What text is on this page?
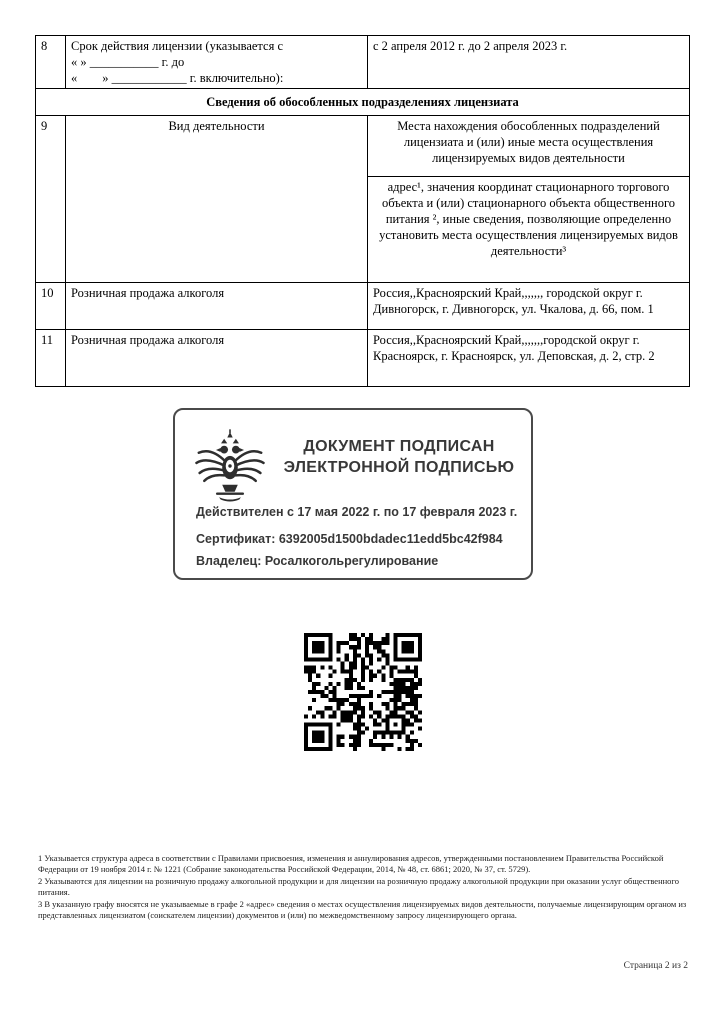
8	Срок действия лицензии (указывается с
« » ___________ г. до
«        » ____________ г. включительно):	с 2 апреля 2012 г. до 2 апреля 2023 г.
Сведения об обособленных подразделениях лицензиата		
9	Вид деятельности	Места нахождения обособленных подразделений лицензиата и (или) иные места осуществления лицензируемых видов деятельности
		адрес¹, значения координат стационарного торгового объекта и (или) стационарного объекта общественного питания ², иные сведения, позволяющие определенно установить места осуществления лицензируемых видов деятельности³
10	Розничная продажа алкоголя	Россия,,Красноярский Край,,,,,,, городской округ г. Дивногорск, г. Дивногорск, ул. Чкалова, д. 66, пом. 1
11	Розничная продажа алкоголя	Россия,,Красноярский Край,,,,,,,городской округ г. Красноярск, г. Красноярск, ул. Деповская, д. 2, стр. 2
ДОКУМЕНТ ПОДПИСАН
ЭЛЕКТРОННОЙ ПОДПИСЬЮ
Действителен с 17 мая 2022 г. по 17 февраля 2023 г.
Сертификат: 6392005d1500bdadec11edd5bc42f984
Владелец: Росалкогольрегулирование

1 Указывается структура адреса в соответствии с Правилами присвоения, изменения и аннулирования адресов, утвержденными постановлением Правительства Российской Федерации от 19 ноября 2014 г. № 1221 (Собрание законодательства Российской Федерации, 2014, № 48, ст. 6861; 2020, № 37, ст. 5729).

2 Указываются для лицензии на розничную продажу алкогольной продукции и для лицензии на розничную продажу алкогольной продукции при оказании услуг общественного питания.

3 В указанную графу вносятся не указываемые в графе 2 «адрес» сведения о местах осуществления лицензируемых видов деятельности, получаемые лицензирующим органом из представленных лицензиатом (соискателем лицензии) документов и (или) по межведомственному запросу лицензирующего органа.

Страница 2 из 2
